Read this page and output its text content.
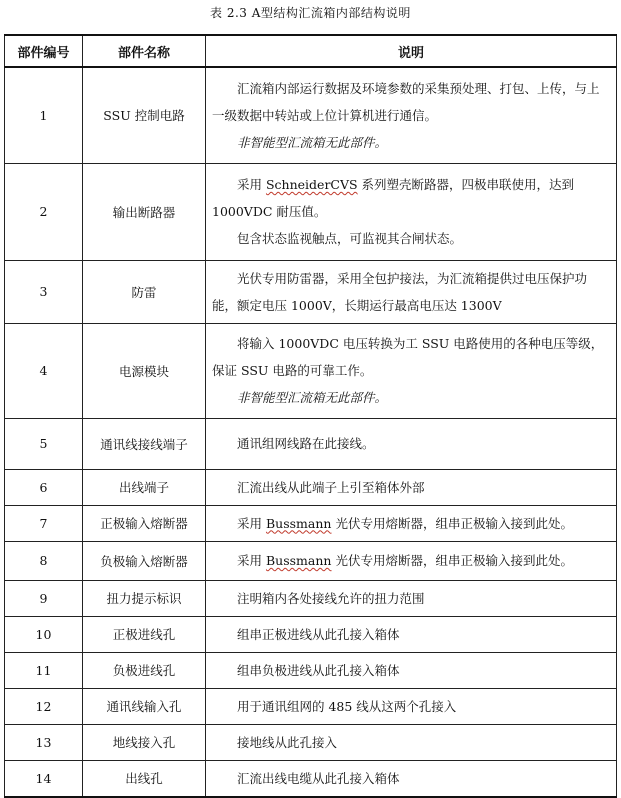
表 2.3 A型结构汇流箱内部结构说明
部件编号	部件名称	说明
1	SSU 控制电路	汇流箱内部运行数据及环境参数的采集预处理、打包、上传，与上一级数据中转站或上位计算机进行通信。

非智能型汇流箱无此部件。

2	输出断路器	采用 SchneiderCVS 系列塑壳断路器，四极串联使用，达到 1000VDC 耐压值。

包含状态监视触点，可监视其合闸状态。

3	防雷	光伏专用防雷器，采用全包护接法，为汇流箱提供过电压保护功能，额定电压 1000V，长期运行最高电压达 1300V

4	电源模块	将输入 1000VDC 电压转换为工 SSU 电路使用的各种电压等级，保证 SSU 电路的可靠工作。

非智能型汇流箱无此部件。

5	通讯线接线端子	通讯组网线路在此接线。

6	出线端子	汇流出线从此端子上引至箱体外部

7	正极输入熔断器	采用 Bussmann 光伏专用熔断器，组串正极输入接到此处。

8	负极输入熔断器	采用 Bussmann 光伏专用熔断器，组串正极输入接到此处。

9	扭力提示标识	注明箱内各处接线允许的扭力范围

10	正极进线孔	组串正极进线从此孔接入箱体

11	负极进线孔	组串负极进线从此孔接入箱体

12	通讯线输入孔	用于通讯组网的 485 线从这两个孔接入

13	地线接入孔	接地线从此孔接入

14	出线孔	汇流出线电缆从此孔接入箱体
